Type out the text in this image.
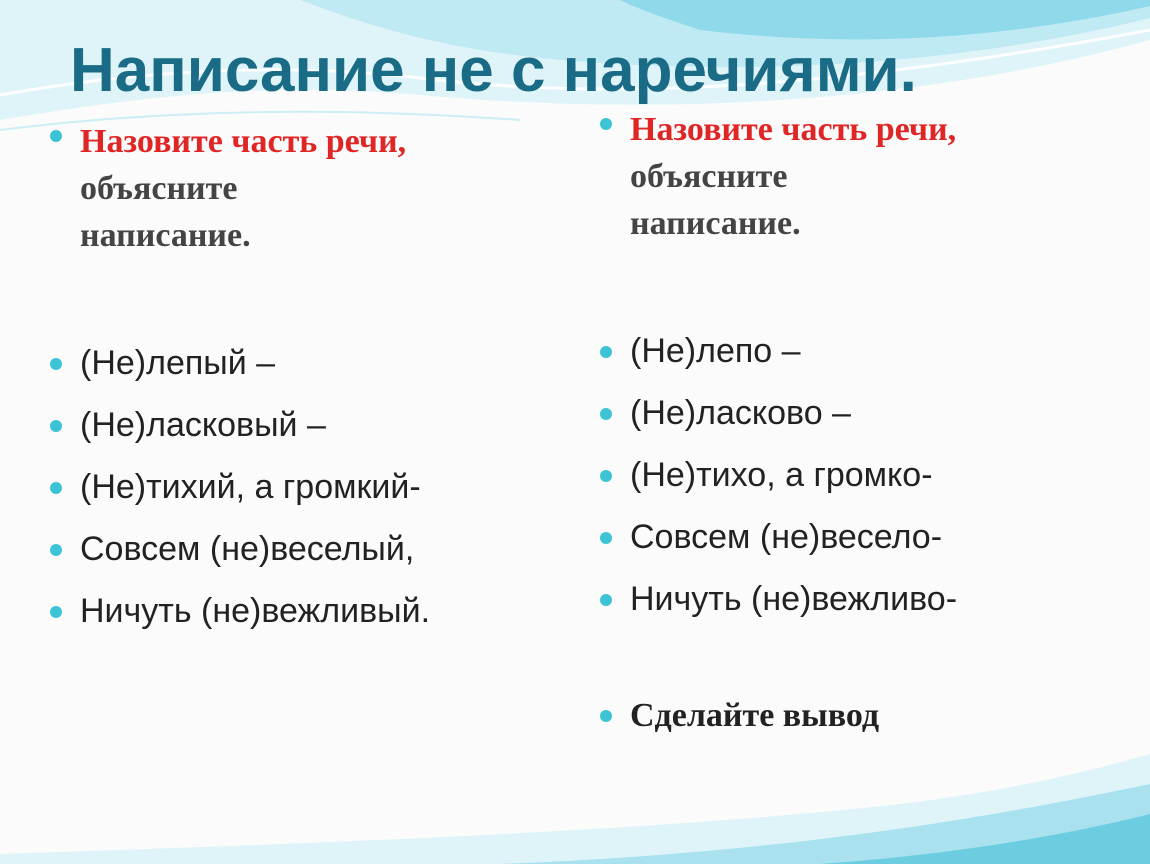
Написание не с наречиями.
Назовите часть речи,
объясните
написание.
(Не)лепый –
(Не)ласковый –
(Не)тихий, а громкий-
Совсем (не)веселый,
Ничуть (не)вежливый.
Назовите часть речи,
объясните
написание.
(Не)лепо –
(Не)ласково –
(Не)тихо, а громко-
Совсем (не)весело-
Ничуть (не)вежливо-
Сделайте вывод
